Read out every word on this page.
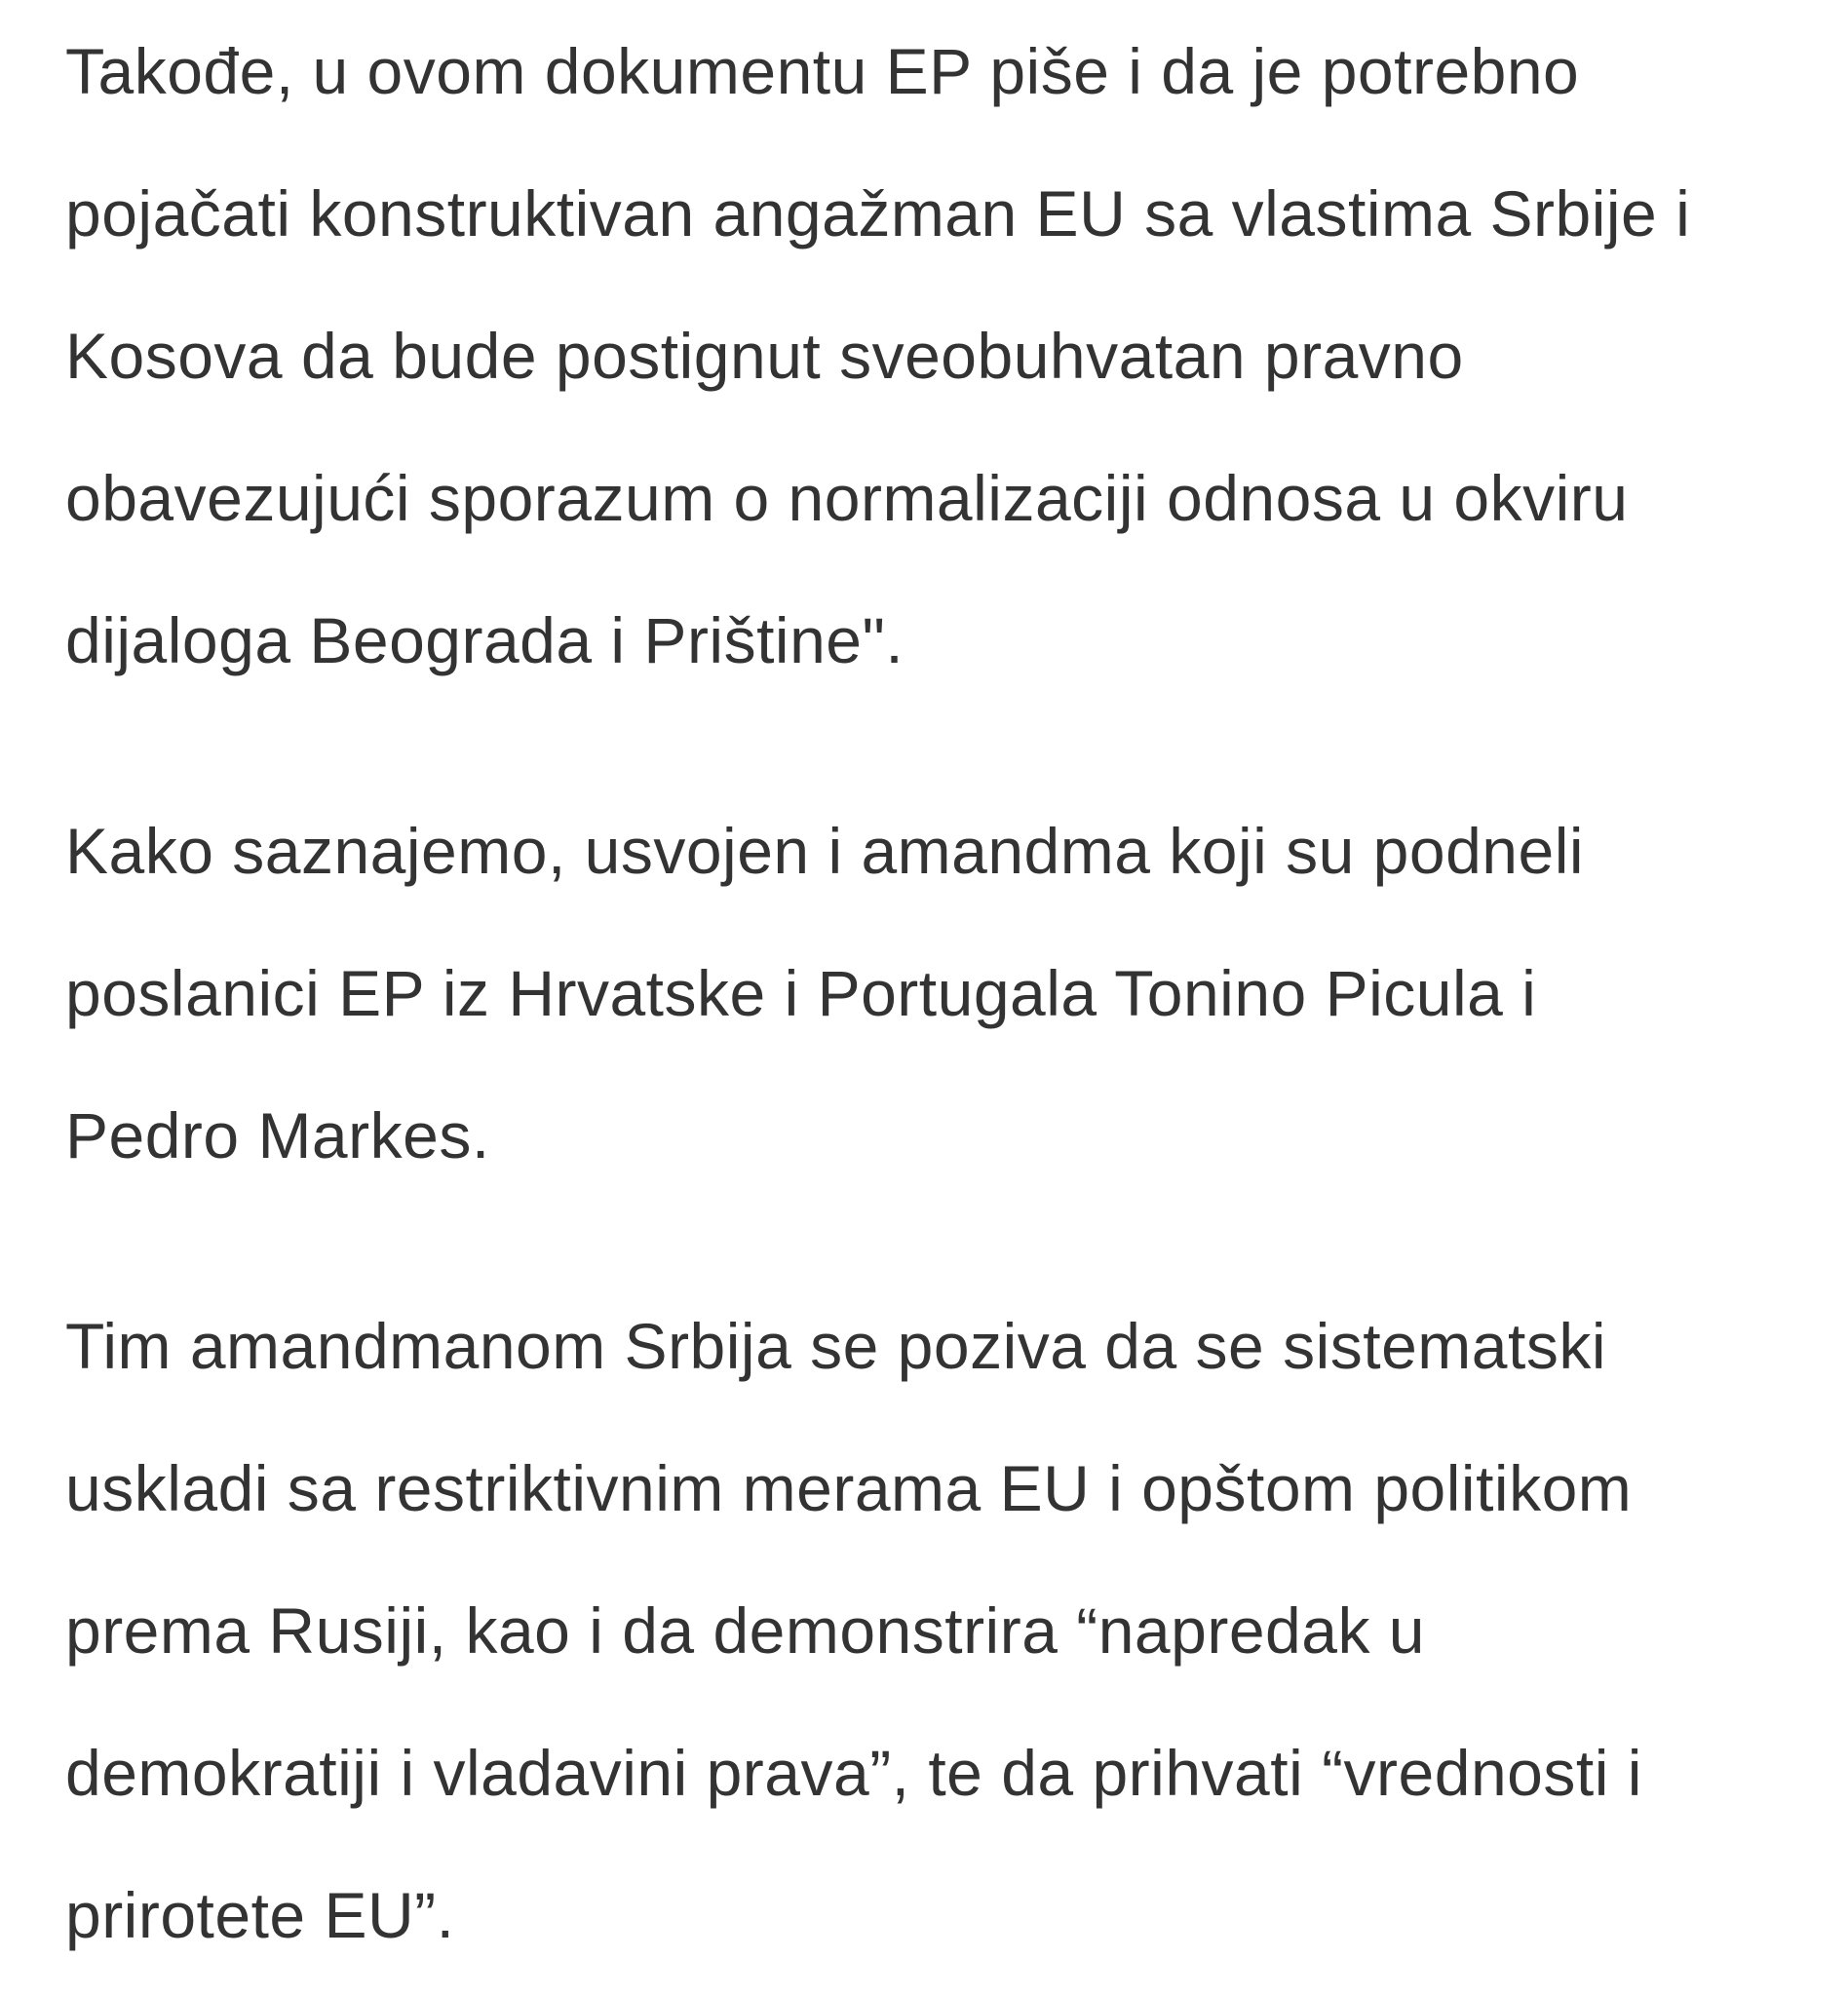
Takođe, u ovom dokumentu EP piše i da je potrebno
pojačati konstruktivan angažman EU sa vlastima Srbije i
Kosova da bude postignut sveobuhvatan pravno
obavezujući sporazum o normalizaciji odnosa u okviru
dijaloga Beograda i Prištine".
Kako saznajemo, usvojen i amandma koji su podneli
poslanici EP iz Hrvatske i Portugala Tonino Picula i
Pedro Markes.
Tim amandmanom Srbija se poziva da se sistematski
uskladi sa restriktivnim merama EU i opštom politikom
prema Rusiji, kao i da demonstrira “napredak u
demokratiji i vladavini prava”, te da prihvati “vrednosti i
prirotete EU”.
